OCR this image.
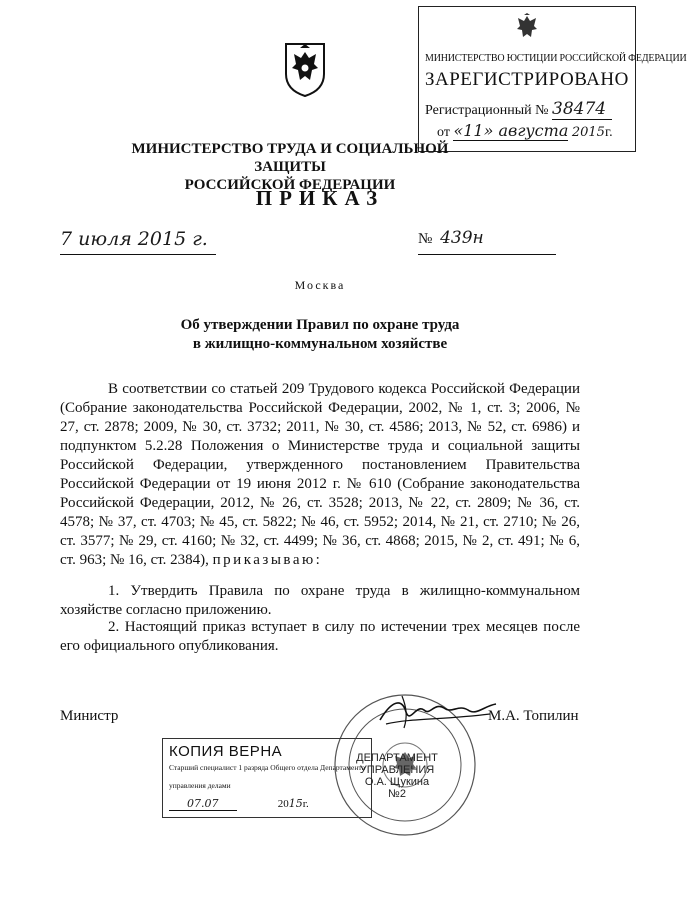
МИНИСТЕРСТВО ЮСТИЦИИ РОССИЙСКОЙ ФЕДЕРАЦИИ
ЗАРЕГИСТРИРОВАНО
Регистрационный № 38474
от «11» августа 2015г.
МИНИСТЕРСТВО ТРУДА И СОЦИАЛЬНОЙ ЗАЩИТЫ
РОССИЙСКОЙ ФЕДЕРАЦИИ
ПРИКАЗ
7 июля 2015 г.	№ 439н
Москва
Об утверждении Правил по охране труда
в жилищно-коммунальном хозяйстве
В соответствии со статьей 209 Трудового кодекса Российской Федерации (Собрание законодательства Российской Федерации, 2002, № 1, ст. 3; 2006, № 27, ст. 2878; 2009, № 30, ст. 3732; 2011, № 30, ст. 4586; 2013, № 52, ст. 6986) и подпунктом 5.2.28 Положения о Министерстве труда и социальной защиты Российской Федерации, утвержденного постановлением Правительства Российской Федерации от 19 июня 2012 г. № 610 (Собрание законодательства Российской Федерации, 2012, № 26, ст. 3528; 2013, № 22, ст. 2809; № 36, ст. 4578; № 37, ст. 4703; № 45, ст. 5822; № 46, ст. 5952; 2014, № 21, ст. 2710; № 26, ст. 3577; № 29, ст. 4160; № 32, ст. 4499; № 36, ст. 4868; 2015, № 2, ст. 491; № 6, ст. 963; № 16, ст. 2384), приказываю:
1. Утвердить Правила по охране труда в жилищно-коммунальном хозяйстве согласно приложению.
2. Настоящий приказ вступает в силу по истечении трех месяцев после его официального опубликования.
Министр	М.А. Топилин
КОПИЯ ВЕРНА
Старший специалист 1 разряда Общего отдела Департамента
управления делами
07.07	2015г.
ДЕПАРТАМЕНТ
УПРАВЛЕНИЯ
О.А. Щукина
№2
